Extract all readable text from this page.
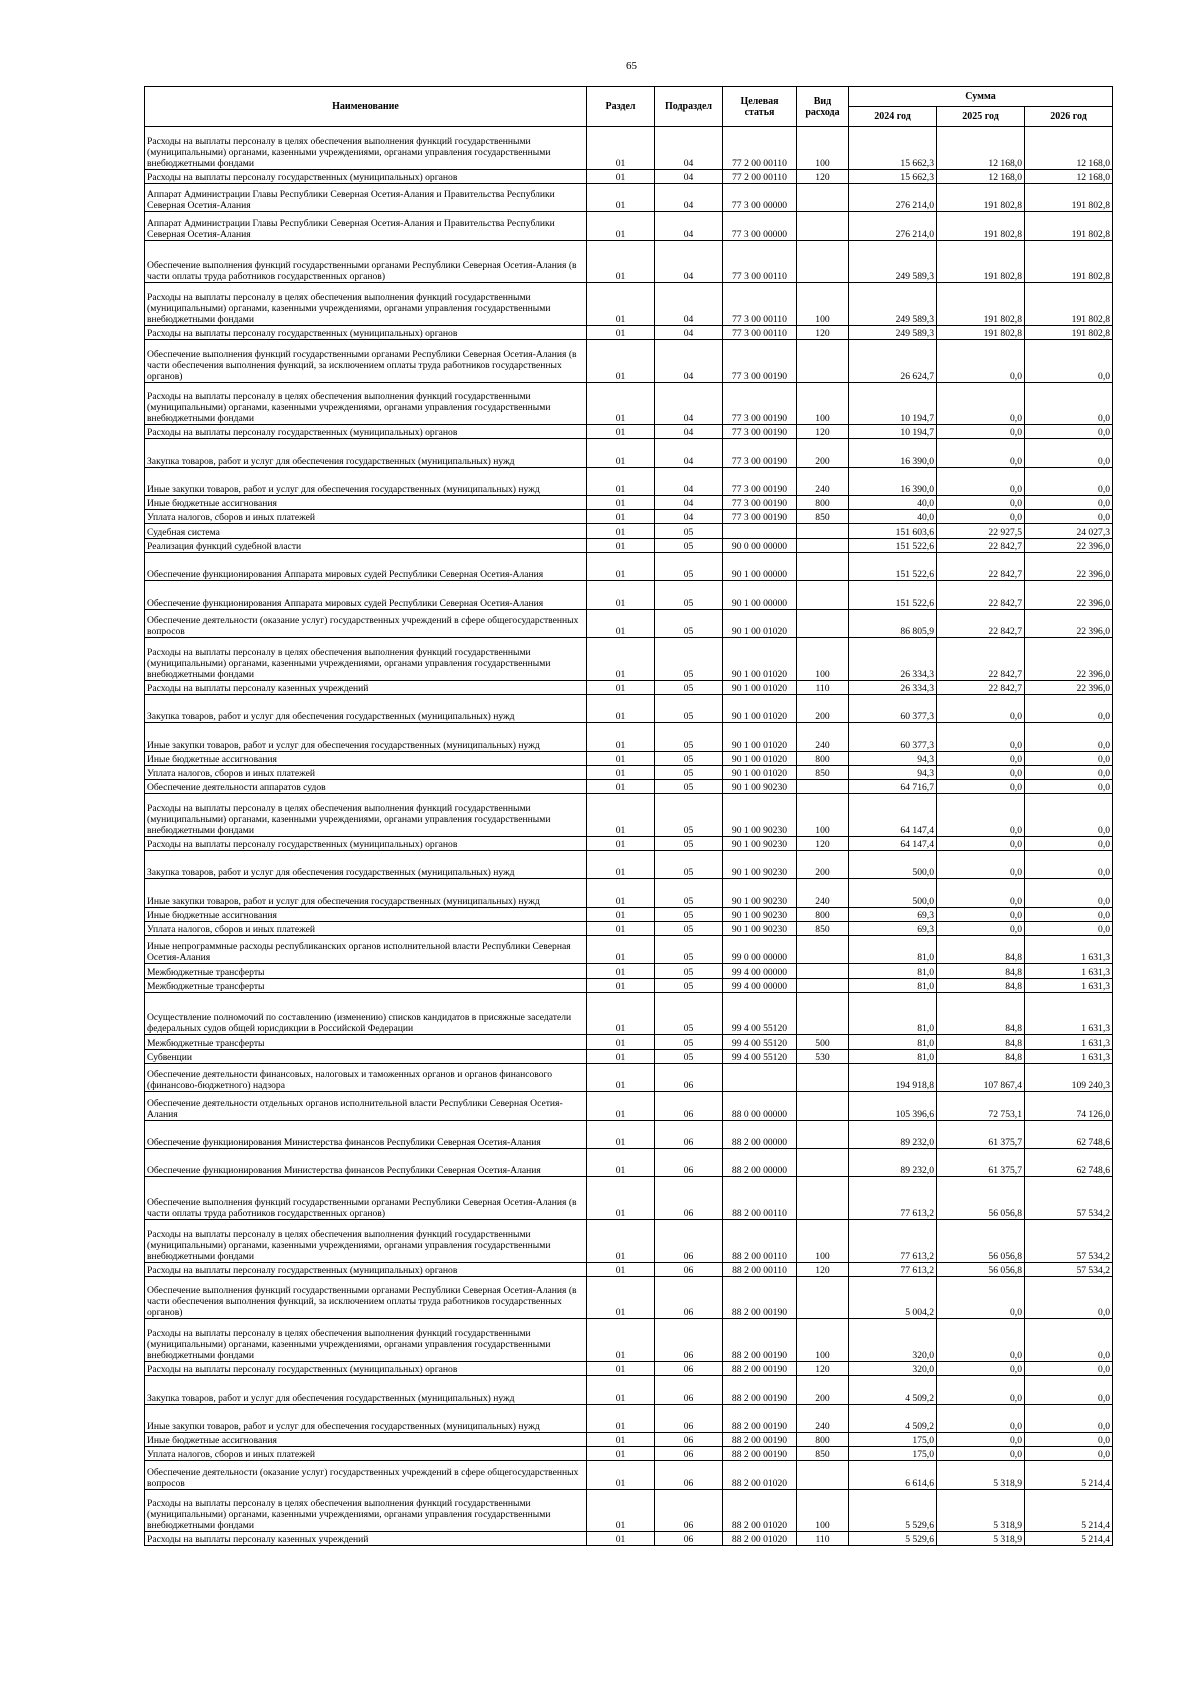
65
Наименование	Раздел	Подраздел	Целевая статья	Вид расхода	Сумма		
					2024 год	2025 год	2026 год
Расходы на выплаты персоналу в целях обеспечения выполнения функций государственными (муниципальными) органами, казенными учреждениями, органами управления государственными внебюджетными фондами	01	04	77 2 00 00110	100	15 662,3	12 168,0	12 168,0
Расходы на выплаты персоналу государственных (муниципальных) органов	01	04	77 2 00 00110	120	15 662,3	12 168,0	12 168,0
Аппарат Администрации Главы Республики Северная Осетия-Алания и Правительства Республики Северная Осетия-Алания	01	04	77 3 00 00000		276 214,0	191 802,8	191 802,8
Аппарат Администрации Главы Республики Северная Осетия-Алания и Правительства Республики Северная Осетия-Алания	01	04	77 3 00 00000		276 214,0	191 802,8	191 802,8
Обеспечение выполнения функций государственными органами Республики Северная Осетия-Алания (в части оплаты труда работников государственных органов)	01	04	77 3 00 00110		249 589,3	191 802,8	191 802,8
Расходы на выплаты персоналу в целях обеспечения выполнения функций государственными (муниципальными) органами, казенными учреждениями, органами управления государственными внебюджетными фондами	01	04	77 3 00 00110	100	249 589,3	191 802,8	191 802,8
Расходы на выплаты персоналу государственных (муниципальных) органов	01	04	77 3 00 00110	120	249 589,3	191 802,8	191 802,8
Обеспечение выполнения функций государственными органами Республики Северная Осетия-Алания (в части обеспечения выполнения функций, за исключением оплаты труда работников государственных органов)	01	04	77 3 00 00190		26 624,7	0,0	0,0
Расходы на выплаты персоналу в целях обеспечения выполнения функций государственными (муниципальными) органами, казенными учреждениями, органами управления государственными внебюджетными фондами	01	04	77 3 00 00190	100	10 194,7	0,0	0,0
Расходы на выплаты персоналу государственных (муниципальных) органов	01	04	77 3 00 00190	120	10 194,7	0,0	0,0
Закупка товаров, работ и услуг для обеспечения государственных (муниципальных) нужд	01	04	77 3 00 00190	200	16 390,0	0,0	0,0
Иные закупки товаров, работ и услуг для обеспечения государственных (муниципальных) нужд	01	04	77 3 00 00190	240	16 390,0	0,0	0,0
Иные бюджетные ассигнования	01	04	77 3 00 00190	800	40,0	0,0	0,0
Уплата налогов, сборов и иных платежей	01	04	77 3 00 00190	850	40,0	0,0	0,0
Судебная система	01	05			151 603,6	22 927,5	24 027,3
Реализация функций судебной власти	01	05	90 0 00 00000		151 522,6	22 842,7	22 396,0
Обеспечение функционирования Аппарата мировых судей Республики Северная Осетия-Алания	01	05	90 1 00 00000		151 522,6	22 842,7	22 396,0
Обеспечение функционирования Аппарата мировых судей Республики Северная Осетия-Алания	01	05	90 1 00 00000		151 522,6	22 842,7	22 396,0
Обеспечение деятельности (оказание услуг) государственных учреждений в сфере общегосударственных вопросов	01	05	90 1 00 01020		86 805,9	22 842,7	22 396,0
Расходы на выплаты персоналу в целях обеспечения выполнения функций государственными (муниципальными) органами, казенными учреждениями, органами управления государственными внебюджетными фондами	01	05	90 1 00 01020	100	26 334,3	22 842,7	22 396,0
Расходы на выплаты персоналу казенных учреждений	01	05	90 1 00 01020	110	26 334,3	22 842,7	22 396,0
Закупка товаров, работ и услуг для обеспечения государственных (муниципальных) нужд	01	05	90 1 00 01020	200	60 377,3	0,0	0,0
Иные закупки товаров, работ и услуг для обеспечения государственных (муниципальных) нужд	01	05	90 1 00 01020	240	60 377,3	0,0	0,0
Иные бюджетные ассигнования	01	05	90 1 00 01020	800	94,3	0,0	0,0
Уплата налогов, сборов и иных платежей	01	05	90 1 00 01020	850	94,3	0,0	0,0
Обеспечение деятельности аппаратов судов	01	05	90 1 00 90230		64 716,7	0,0	0,0
Расходы на выплаты персоналу в целях обеспечения выполнения функций государственными (муниципальными) органами, казенными учреждениями, органами управления государственными внебюджетными фондами	01	05	90 1 00 90230	100	64 147,4	0,0	0,0
Расходы на выплаты персоналу государственных (муниципальных) органов	01	05	90 1 00 90230	120	64 147,4	0,0	0,0
Закупка товаров, работ и услуг для обеспечения государственных (муниципальных) нужд	01	05	90 1 00 90230	200	500,0	0,0	0,0
Иные закупки товаров, работ и услуг для обеспечения государственных (муниципальных) нужд	01	05	90 1 00 90230	240	500,0	0,0	0,0
Иные бюджетные ассигнования	01	05	90 1 00 90230	800	69,3	0,0	0,0
Уплата налогов, сборов и иных платежей	01	05	90 1 00 90230	850	69,3	0,0	0,0
Иные непрограммные расходы республиканских органов исполнительной власти Республики Северная Осетия-Алания	01	05	99 0 00 00000		81,0	84,8	1 631,3
Межбюджетные трансферты	01	05	99 4 00 00000		81,0	84,8	1 631,3
Межбюджетные трансферты	01	05	99 4 00 00000		81,0	84,8	1 631,3
Осуществление полномочий по составлению (изменению) списков кандидатов в присяжные заседатели федеральных судов общей юрисдикции в Российской Федерации	01	05	99 4 00 55120		81,0	84,8	1 631,3
Межбюджетные трансферты	01	05	99 4 00 55120	500	81,0	84,8	1 631,3
Субвенции	01	05	99 4 00 55120	530	81,0	84,8	1 631,3
Обеспечение деятельности финансовых, налоговых и таможенных органов и органов финансового (финансово-бюджетного) надзора	01	06			194 918,8	107 867,4	109 240,3
Обеспечение деятельности отдельных органов исполнительной власти Республики Северная Осетия-Алания	01	06	88 0 00 00000		105 396,6	72 753,1	74 126,0
Обеспечение функционирования Министерства финансов Республики Северная Осетия-Алания	01	06	88 2 00 00000		89 232,0	61 375,7	62 748,6
Обеспечение функционирования Министерства финансов Республики Северная Осетия-Алания	01	06	88 2 00 00000		89 232,0	61 375,7	62 748,6
Обеспечение выполнения функций государственными органами Республики Северная Осетия-Алания (в части оплаты труда работников государственных органов)	01	06	88 2 00 00110		77 613,2	56 056,8	57 534,2
Расходы на выплаты персоналу в целях обеспечения выполнения функций государственными (муниципальными) органами, казенными учреждениями, органами управления государственными внебюджетными фондами	01	06	88 2 00 00110	100	77 613,2	56 056,8	57 534,2
Расходы на выплаты персоналу государственных (муниципальных) органов	01	06	88 2 00 00110	120	77 613,2	56 056,8	57 534,2
Обеспечение выполнения функций государственными органами Республики Северная Осетия-Алания (в части обеспечения выполнения функций, за исключением оплаты труда работников государственных органов)	01	06	88 2 00 00190		5 004,2	0,0	0,0
Расходы на выплаты персоналу в целях обеспечения выполнения функций государственными (муниципальными) органами, казенными учреждениями, органами управления государственными внебюджетными фондами	01	06	88 2 00 00190	100	320,0	0,0	0,0
Расходы на выплаты персоналу государственных (муниципальных) органов	01	06	88 2 00 00190	120	320,0	0,0	0,0
Закупка товаров, работ и услуг для обеспечения государственных (муниципальных) нужд	01	06	88 2 00 00190	200	4 509,2	0,0	0,0
Иные закупки товаров, работ и услуг для обеспечения государственных (муниципальных) нужд	01	06	88 2 00 00190	240	4 509,2	0,0	0,0
Иные бюджетные ассигнования	01	06	88 2 00 00190	800	175,0	0,0	0,0
Уплата налогов, сборов и иных платежей	01	06	88 2 00 00190	850	175,0	0,0	0,0
Обеспечение деятельности (оказание услуг) государственных учреждений в сфере общегосударственных вопросов	01	06	88 2 00 01020		6 614,6	5 318,9	5 214,4
Расходы на выплаты персоналу в целях обеспечения выполнения функций государственными (муниципальными) органами, казенными учреждениями, органами управления государственными внебюджетными фондами	01	06	88 2 00 01020	100	5 529,6	5 318,9	5 214,4
Расходы на выплаты персоналу казенных учреждений	01	06	88 2 00 01020	110	5 529,6	5 318,9	5 214,4
